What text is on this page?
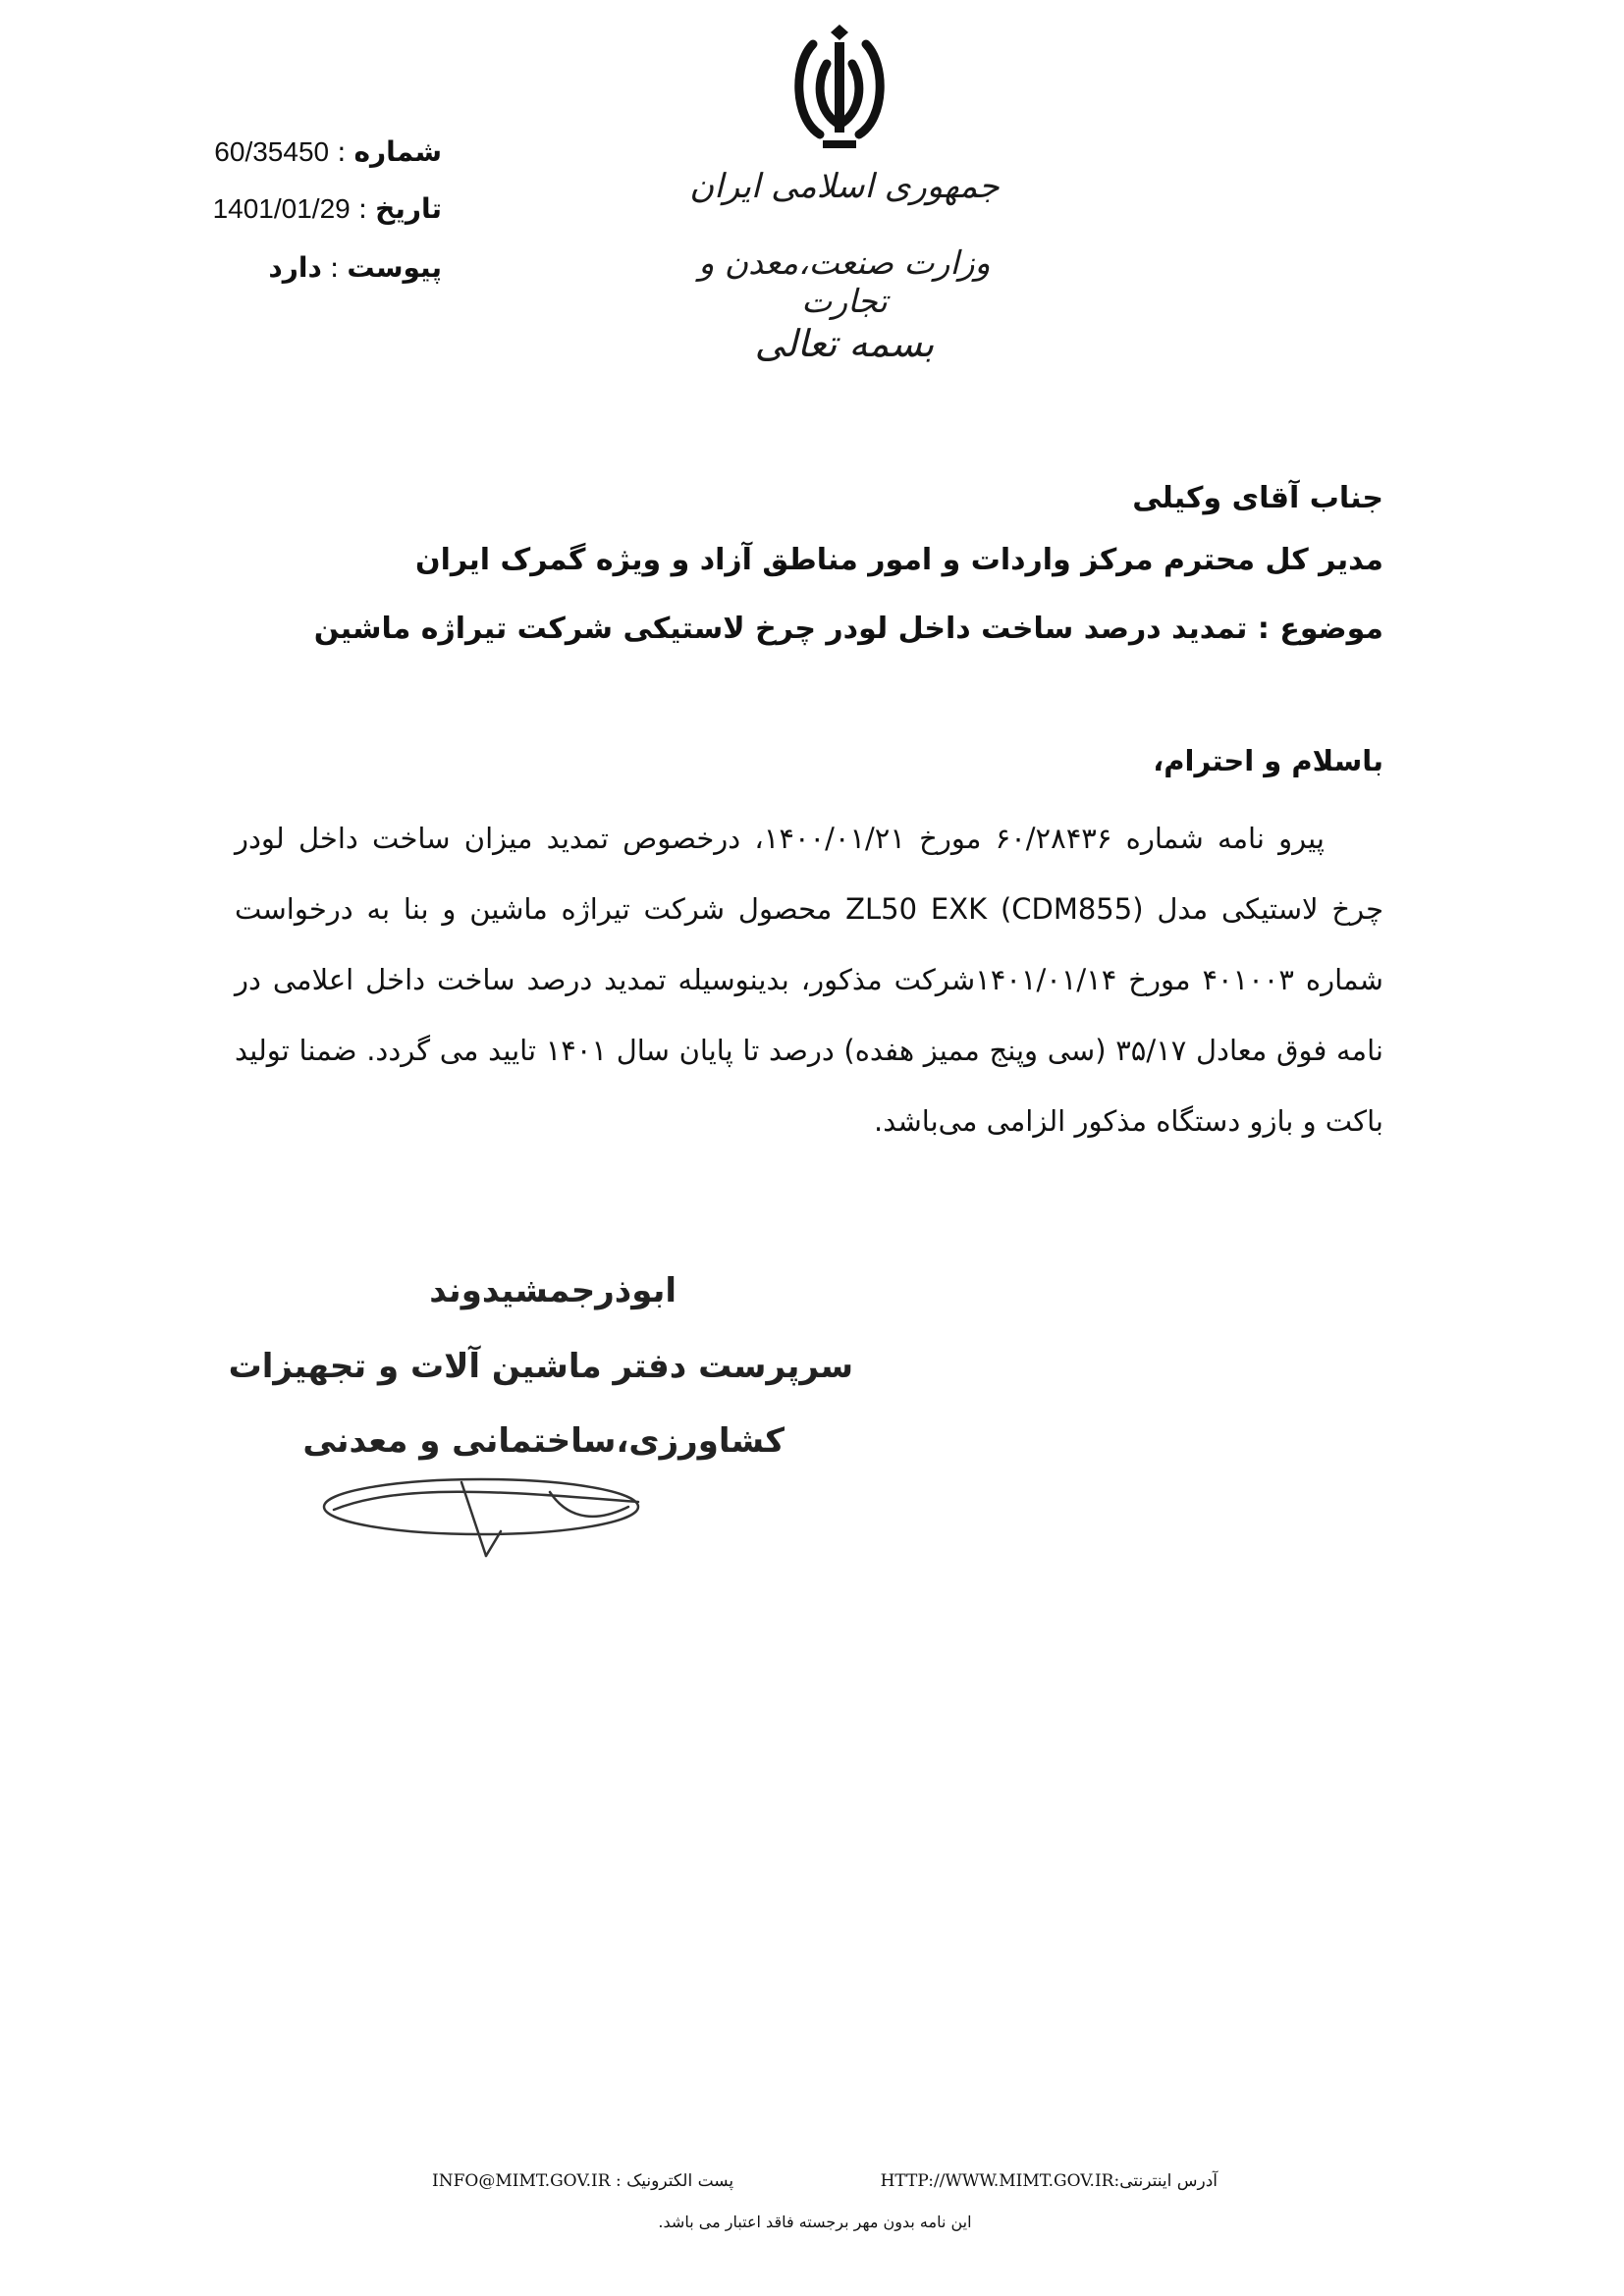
جمهوری اسلامی ایران
وزارت صنعت،معدن و تجارت
بسمه تعالی
شماره:60/35450
تاریخ:1401/01/29
پیوست:دارد
جناب آقای وکیلی
مدیر کل محترم مرکز واردات و امور مناطق آزاد و ویژه گمرک ایران
موضوع : تمدید درصد ساخت داخل لودر چرخ لاستیکی شرکت تیراژه ماشین
باسلام و احترام،

پیرو نامه شماره ۶۰/۲۸۴۳۶ مورخ ۱۴۰۰/۰۱/۲۱، درخصوص تمدید میزان ساخت داخل لودر چرخ لاستیکی مدل ZL50 EXK (CDM855) محصول شرکت تیراژه ماشین و بنا به درخواست شماره ۴۰۱۰۰۳ مورخ ۱۴۰۱/۰۱/۱۴شرکت مذکور، بدینوسیله تمدید درصد ساخت داخل اعلامی در نامه فوق معادل ۳۵/۱۷ (سی وپنج ممیز هفده) درصد تا پایان سال ۱۴۰۱ تایید می گردد. ضمنا تولید باکت و بازو دستگاه مذکور الزامی می‌باشد.

ابوذرجمشیدوند
سرپرست دفتر ماشین آلات و تجهیزات
کشاورزی،ساختمانی و معدنی
آدرس اینترنتی:HTTP://WWW.MIMT.GOV.IR
پست الکترونیک : INFO@MIMT.GOV.IR
این نامه بدون مهر برجسته فاقد اعتبار می باشد.
